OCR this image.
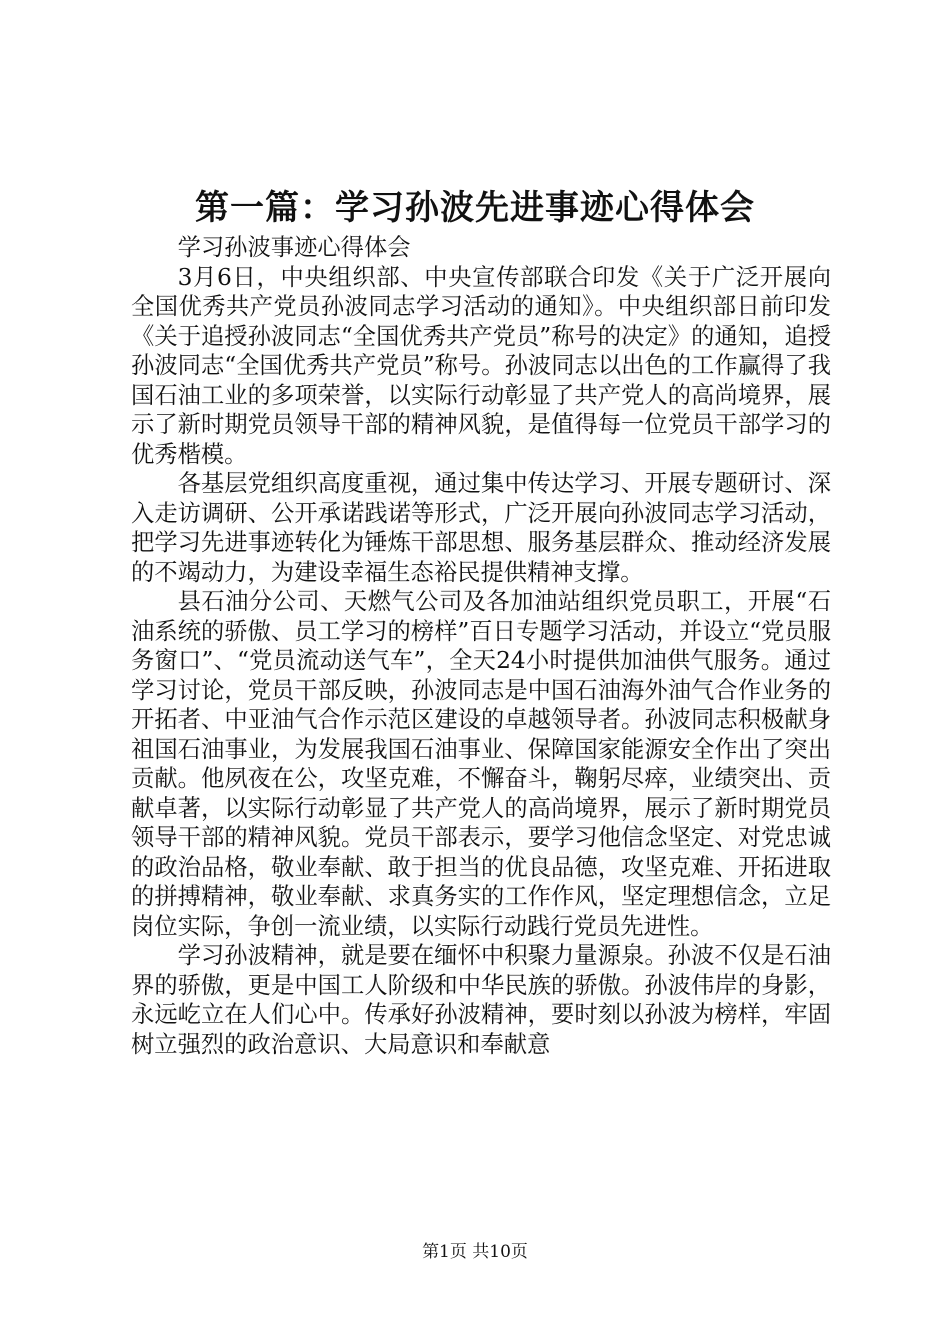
第一篇：学习孙波先进事迹心得体会

学习孙波事迹心得体会

3月6日，中央组织部、中央宣传部联合印发《关于广泛开展向全国优秀共产党员孙波同志学习活动的通知》。中央组织部日前印发《关于追授孙波同志“全国优秀共产党员”称号的决定》的通知，追授孙波同志“全国优秀共产党员”称号。孙波同志以出色的工作赢得了我国石油工业的多项荣誉，以实际行动彰显了共产党人的高尚境界，展示了新时期党员领导干部的精神风貌，是值得每一位党员干部学习的优秀楷模。

各基层党组织高度重视，通过集中传达学习、开展专题研讨、深入走访调研、公开承诺践诺等形式，广泛开展向孙波同志学习活动，把学习先进事迹转化为锤炼干部思想、服务基层群众、推动经济发展的不竭动力，为建设幸福生态裕民提供精神支撑。

县石油分公司、天燃气公司及各加油站组织党员职工，开展“石油系统的骄傲、员工学习的榜样”百日专题学习活动，并设立“党员服务窗口”、“党员流动送气车”，全天24小时提供加油供气服务。通过学习讨论，党员干部反映，孙波同志是中国石油海外油气合作业务的开拓者、中亚油气合作示范区建设的卓越领导者。孙波同志积极献身祖国石油事业，为发展我国石油事业、保障国家能源安全作出了突出贡献。他夙夜在公，攻坚克难，不懈奋斗，鞠躬尽瘁，业绩突出、贡献卓著，以实际行动彰显了共产党人的高尚境界，展示了新时期党员领导干部的精神风貌。党员干部表示，要学习他信念坚定、对党忠诚的政治品格，敬业奉献、敢于担当的优良品德，攻坚克难、开拓进取的拼搏精神，敬业奉献、求真务实的工作作风，坚定理想信念，立足岗位实际，争创一流业绩，以实际行动践行党员先进性。

学习孙波精神，就是要在缅怀中积聚力量源泉。孙波不仅是石油界的骄傲，更是中国工人阶级和中华民族的骄傲。孙波伟岸的身影，永远屹立在人们心中。传承好孙波精神，要时刻以孙波为榜样，牢固树立强烈的政治意识、大局意识和奉献意

第1页 共10页
